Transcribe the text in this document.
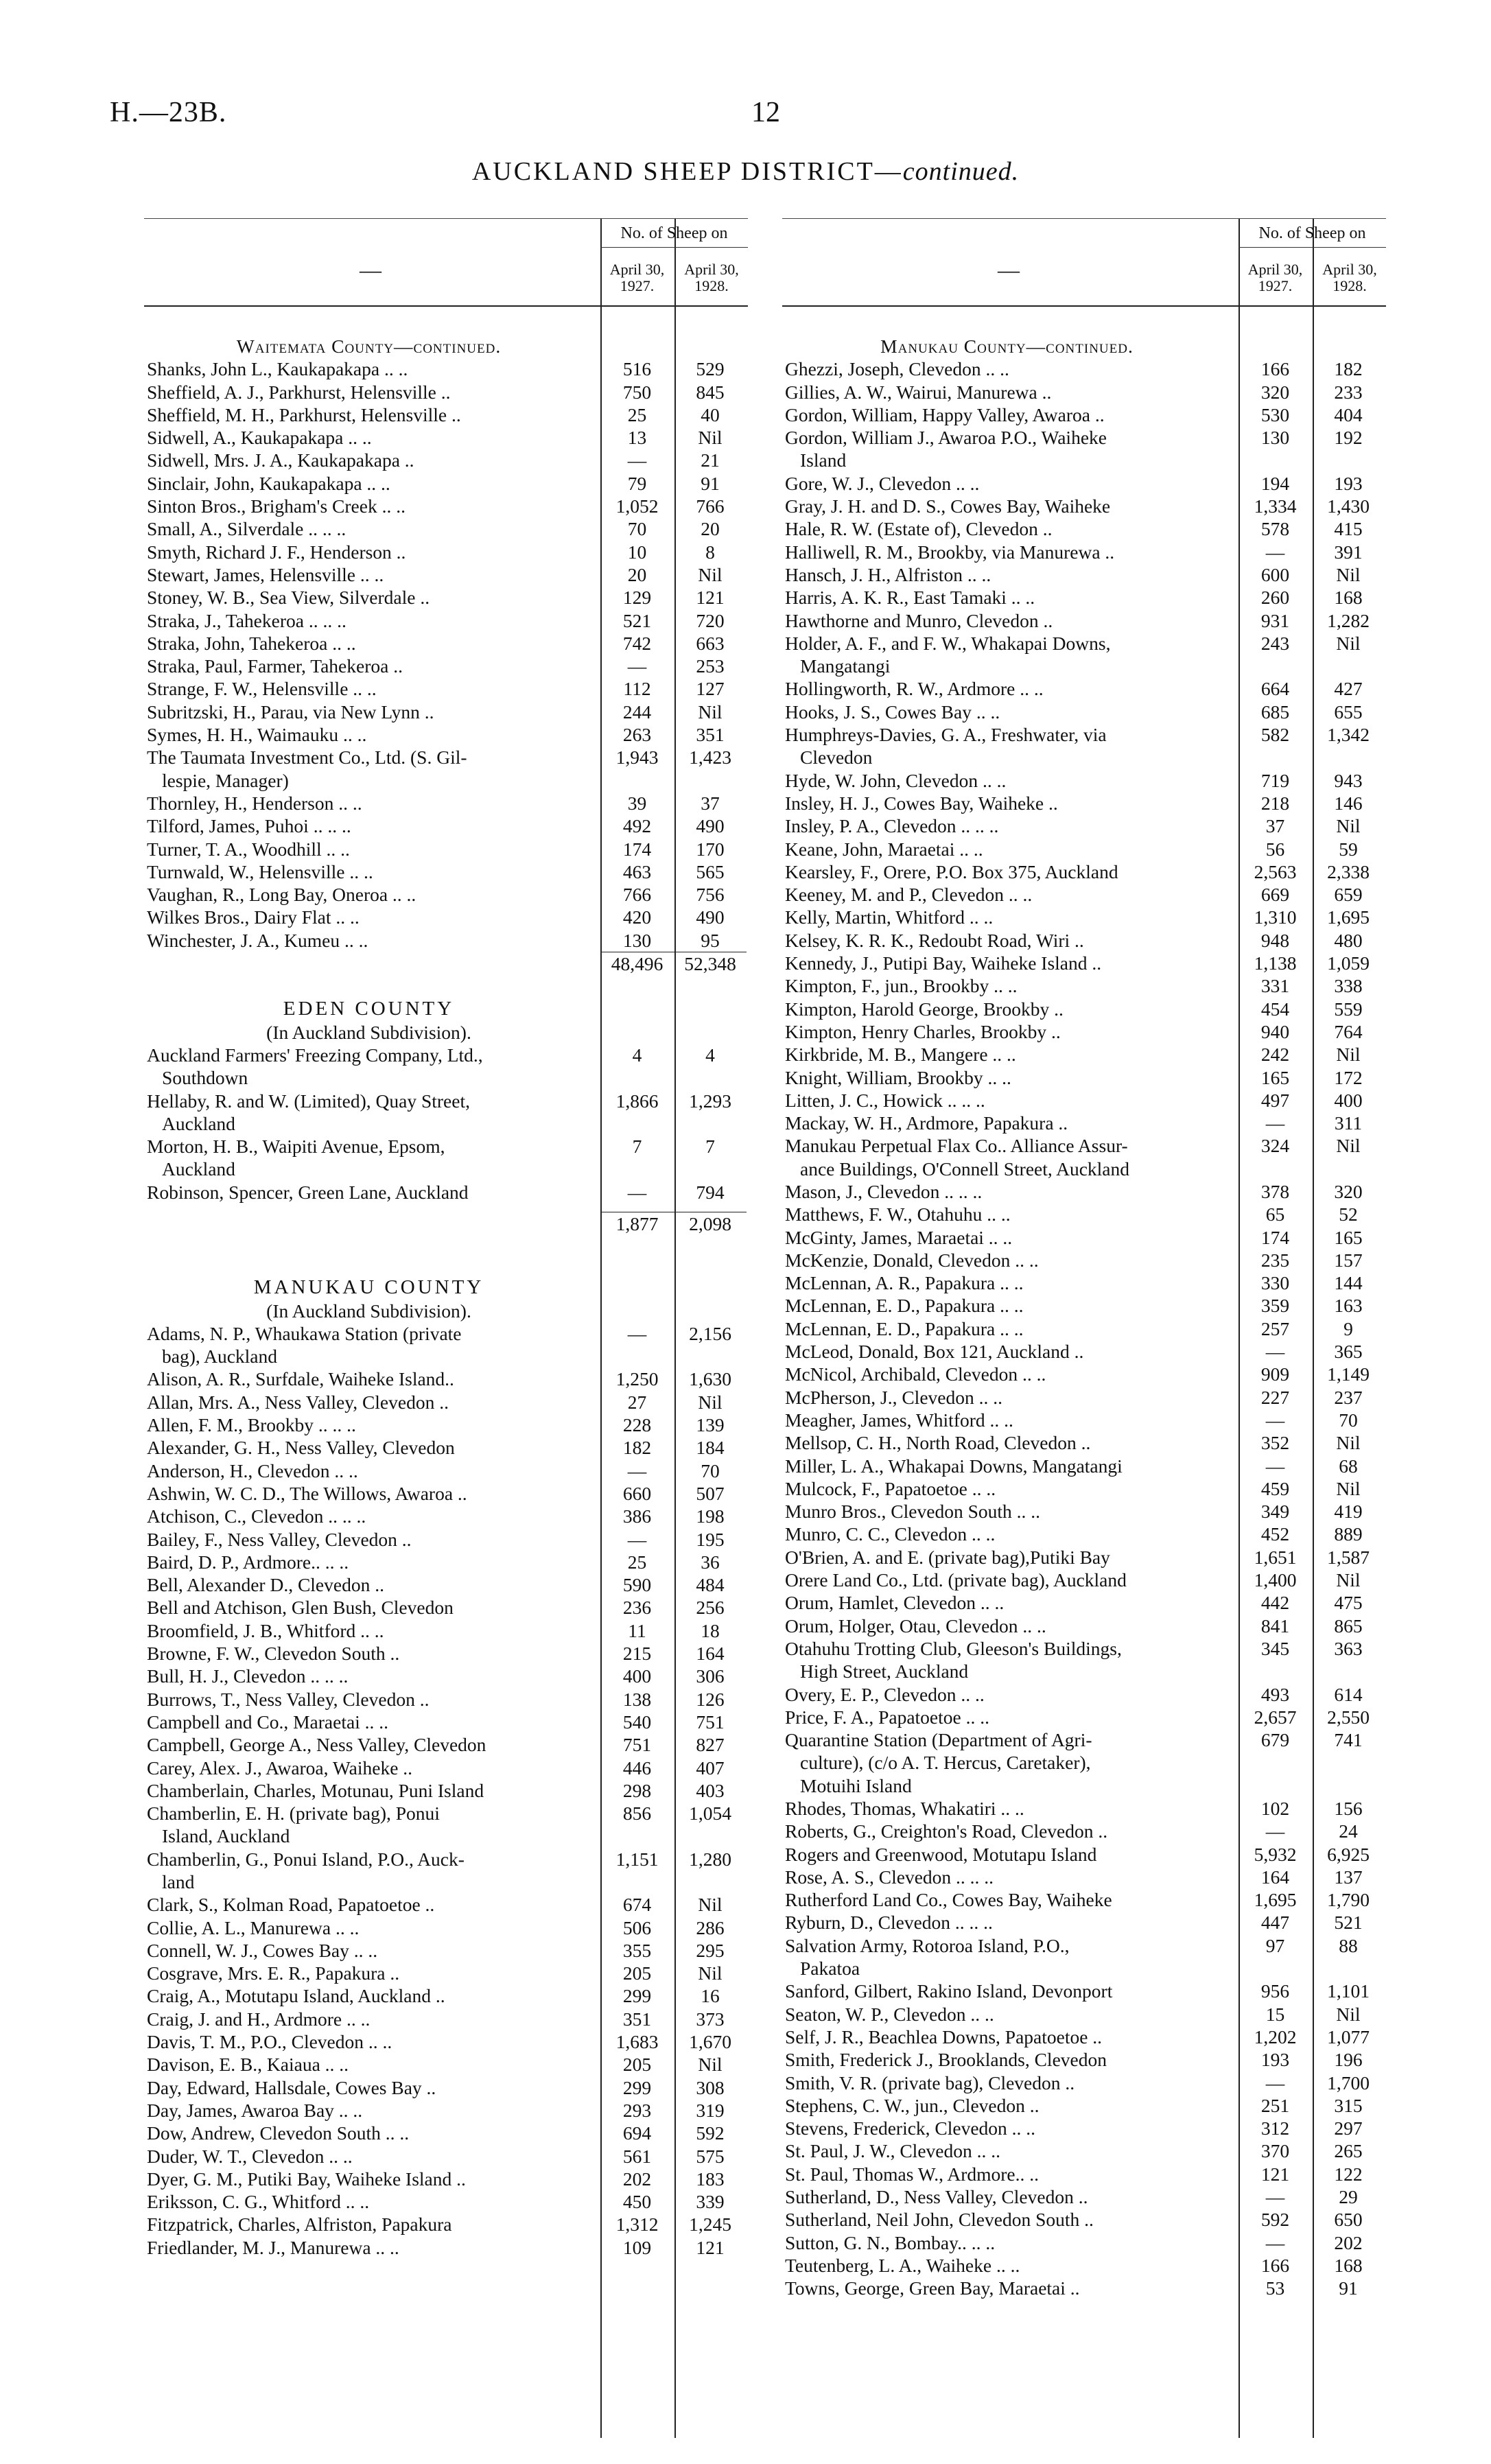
H.—23B.	12
AUCKLAND SHEEP DISTRICT—continued.
—
No. of Sheep on
April 30, 1927.
April 30, 1928.
Waitemata County—continued.
Shanks, John L., Kaukapakapa .. ..	516	529
Sheffield, A. J., Parkhurst, Helensville ..	750	845
Sheffield, M. H., Parkhurst, Helensville ..	25	40
Sidwell, A., Kaukapakapa .. ..	13	Nil
Sidwell, Mrs. J. A., Kaukapakapa ..	—	21
Sinclair, John, Kaukapakapa .. ..	79	91
Sinton Bros., Brigham's Creek .. ..	1,052	766
Small, A., Silverdale .. .. ..	70	20
Smyth, Richard J. F., Henderson ..	10	8
Stewart, James, Helensville .. ..	20	Nil
Stoney, W. B., Sea View, Silverdale ..	129	121
Straka, J., Tahekeroa .. .. ..	521	720
Straka, John, Tahekeroa .. ..	742	663
Straka, Paul, Farmer, Tahekeroa ..	—	253
Strange, F. W., Helensville .. ..	112	127
Subritzski, H., Parau, via New Lynn ..	244	Nil
Symes, H. H., Waimauku .. ..	263	351
The Taumata Investment Co., Ltd. (S. Gil-	1,943	1,423
lespie, Manager)
Thornley, H., Henderson .. ..	39	37
Tilford, James, Puhoi .. .. ..	492	490
Turner, T. A., Woodhill .. ..	174	170
Turnwald, W., Helensville .. ..	463	565
Vaughan, R., Long Bay, Oneroa .. ..	766	756
Wilkes Bros., Dairy Flat .. ..	420	490
Winchester, J. A., Kumeu .. ..	130	95
48,496	52,348
EDEN COUNTY
(In Auckland Subdivision).
Auckland Farmers' Freezing Company, Ltd.,	4	4
Southdown
Hellaby, R. and W. (Limited), Quay Street,	1,866	1,293
Auckland
Morton, H. B., Waipiti Avenue, Epsom,	7	7
Auckland
Robinson, Spencer, Green Lane, Auckland	—	794
1,877	2,098
MANUKAU COUNTY
(In Auckland Subdivision).
Adams, N. P., Whaukawa Station (private	—	2,156
bag), Auckland
Alison, A. R., Surfdale, Waiheke Island..	1,250	1,630
Allan, Mrs. A., Ness Valley, Clevedon ..	27	Nil
Allen, F. M., Brookby .. .. ..	228	139
Alexander, G. H., Ness Valley, Clevedon	182	184
Anderson, H., Clevedon .. ..	—	70
Ashwin, W. C. D., The Willows, Awaroa ..	660	507
Atchison, C., Clevedon .. .. ..	386	198
Bailey, F., Ness Valley, Clevedon ..	—	195
Baird, D. P., Ardmore.. .. ..	25	36
Bell, Alexander D., Clevedon ..	590	484
Bell and Atchison, Glen Bush, Clevedon	236	256
Broomfield, J. B., Whitford .. ..	11	18
Browne, F. W., Clevedon South ..	215	164
Bull, H. J., Clevedon .. .. ..	400	306
Burrows, T., Ness Valley, Clevedon ..	138	126
Campbell and Co., Maraetai .. ..	540	751
Campbell, George A., Ness Valley, Clevedon	751	827
Carey, Alex. J., Awaroa, Waiheke ..	446	407
Chamberlain, Charles, Motunau, Puni Island	298	403
Chamberlin, E. H. (private bag), Ponui	856	1,054
Island, Auckland
Chamberlin, G., Ponui Island, P.O., Auck-	1,151	1,280
land
Clark, S., Kolman Road, Papatoetoe ..	674	Nil
Collie, A. L., Manurewa .. ..	506	286
Connell, W. J., Cowes Bay .. ..	355	295
Cosgrave, Mrs. E. R., Papakura ..	205	Nil
Craig, A., Motutapu Island, Auckland ..	299	16
Craig, J. and H., Ardmore .. ..	351	373
Davis, T. M., P.O., Clevedon .. ..	1,683	1,670
Davison, E. B., Kaiaua .. ..	205	Nil
Day, Edward, Hallsdale, Cowes Bay ..	299	308
Day, James, Awaroa Bay .. ..	293	319
Dow, Andrew, Clevedon South .. ..	694	592
Duder, W. T., Clevedon .. ..	561	575
Dyer, G. M., Putiki Bay, Waiheke Island ..	202	183
Eriksson, C. G., Whitford .. ..	450	339
Fitzpatrick, Charles, Alfriston, Papakura	1,312	1,245
Friedlander, M. J., Manurewa .. ..	109	121
—
No. of Sheep on
April 30, 1927.
April 30, 1928.
Manukau County—continued.
Ghezzi, Joseph, Clevedon .. ..	166	182
Gillies, A. W., Wairui, Manurewa ..	320	233
Gordon, William, Happy Valley, Awaroa ..	530	404
Gordon, William J., Awaroa P.O., Waiheke	130	192
Island
Gore, W. J., Clevedon .. ..	194	193
Gray, J. H. and D. S., Cowes Bay, Waiheke	1,334	1,430
Hale, R. W. (Estate of), Clevedon ..	578	415
Halliwell, R. M., Brookby, via Manurewa ..	—	391
Hansch, J. H., Alfriston .. ..	600	Nil
Harris, A. K. R., East Tamaki .. ..	260	168
Hawthorne and Munro, Clevedon ..	931	1,282
Holder, A. F., and F. W., Whakapai Downs,	243	Nil
Mangatangi
Hollingworth, R. W., Ardmore .. ..	664	427
Hooks, J. S., Cowes Bay .. ..	685	655
Humphreys-Davies, G. A., Freshwater, via	582	1,342
Clevedon
Hyde, W. John, Clevedon .. ..	719	943
Insley, H. J., Cowes Bay, Waiheke ..	218	146
Insley, P. A., Clevedon .. .. ..	37	Nil
Keane, John, Maraetai .. ..	56	59
Kearsley, F., Orere, P.O. Box 375, Auckland	2,563	2,338
Keeney, M. and P., Clevedon .. ..	669	659
Kelly, Martin, Whitford .. ..	1,310	1,695
Kelsey, K. R. K., Redoubt Road, Wiri ..	948	480
Kennedy, J., Putipi Bay, Waiheke Island ..	1,138	1,059
Kimpton, F., jun., Brookby .. ..	331	338
Kimpton, Harold George, Brookby ..	454	559
Kimpton, Henry Charles, Brookby ..	940	764
Kirkbride, M. B., Mangere .. ..	242	Nil
Knight, William, Brookby .. ..	165	172
Litten, J. C., Howick .. .. ..	497	400
Mackay, W. H., Ardmore, Papakura ..	—	311
Manukau Perpetual Flax Co.. Alliance Assur-	324	Nil
ance Buildings, O'Connell Street, Auckland
Mason, J., Clevedon .. .. ..	378	320
Matthews, F. W., Otahuhu .. ..	65	52
McGinty, James, Maraetai .. ..	174	165
McKenzie, Donald, Clevedon .. ..	235	157
McLennan, A. R., Papakura .. ..	330	144
McLennan, E. D., Papakura .. ..	359	163
McLennan, E. D., Papakura .. ..	257	9
McLeod, Donald, Box 121, Auckland ..	—	365
McNicol, Archibald, Clevedon .. ..	909	1,149
McPherson, J., Clevedon .. ..	227	237
Meagher, James, Whitford .. ..	—	70
Mellsop, C. H., North Road, Clevedon ..	352	Nil
Miller, L. A., Whakapai Downs, Mangatangi	—	68
Mulcock, F., Papatoetoe .. ..	459	Nil
Munro Bros., Clevedon South .. ..	349	419
Munro, C. C., Clevedon .. ..	452	889
O'Brien, A. and E. (private bag),Putiki Bay	1,651	1,587
Orere Land Co., Ltd. (private bag), Auckland	1,400	Nil
Orum, Hamlet, Clevedon .. ..	442	475
Orum, Holger, Otau, Clevedon .. ..	841	865
Otahuhu Trotting Club, Gleeson's Buildings,	345	363
High Street, Auckland
Overy, E. P., Clevedon .. ..	493	614
Price, F. A., Papatoetoe .. ..	2,657	2,550
Quarantine Station (Department of Agri-	679	741
culture), (c/o A. T. Hercus, Caretaker),
Motuihi Island
Rhodes, Thomas, Whakatiri .. ..	102	156
Roberts, G., Creighton's Road, Clevedon ..	—	24
Rogers and Greenwood, Motutapu Island	5,932	6,925
Rose, A. S., Clevedon .. .. ..	164	137
Rutherford Land Co., Cowes Bay, Waiheke	1,695	1,790
Ryburn, D., Clevedon .. .. ..	447	521
Salvation Army, Rotoroa Island, P.O.,	97	88
Pakatoa
Sanford, Gilbert, Rakino Island, Devonport	956	1,101
Seaton, W. P., Clevedon .. ..	15	Nil
Self, J. R., Beachlea Downs, Papatoetoe ..	1,202	1,077
Smith, Frederick J., Brooklands, Clevedon	193	196
Smith, V. R. (private bag), Clevedon ..	—	1,700
Stephens, C. W., jun., Clevedon ..	251	315
Stevens, Frederick, Clevedon .. ..	312	297
St. Paul, J. W., Clevedon .. ..	370	265
St. Paul, Thomas W., Ardmore.. ..	121	122
Sutherland, D., Ness Valley, Clevedon ..	—	29
Sutherland, Neil John, Clevedon South ..	592	650
Sutton, G. N., Bombay.. .. ..	—	202
Teutenberg, L. A., Waiheke .. ..	166	168
Towns, George, Green Bay, Maraetai ..	53	91
